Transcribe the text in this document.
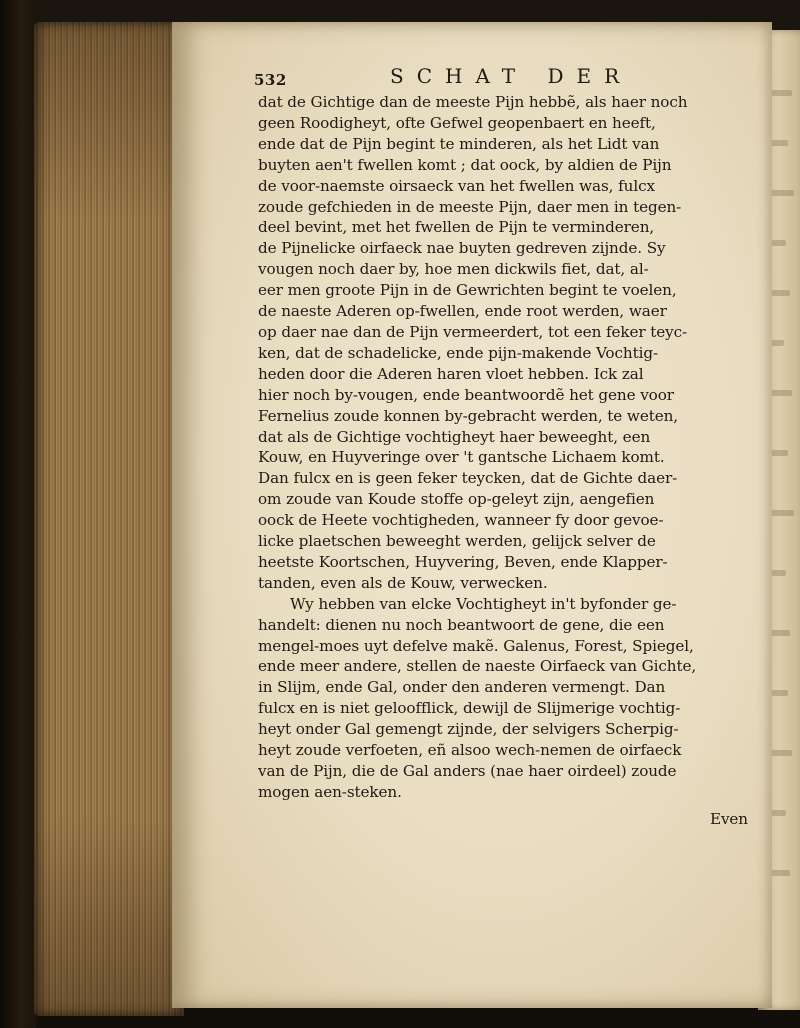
532	SCHAT DER
dat de Gichtige dan de meeste Pijn hebbẽ, als haer noch
geen Roodigheyt, ofte Gefwel geopenbaert en heeft,
ende dat de Pijn begint te minderen, als het Lidt van
buyten aen't fwellen komt ; dat oock, by aldien de Pijn
de voor-naemste oirsaeck van het fwellen was, fulcx
zoude gefchieden in de meeste Pijn, daer men in tegen-
deel bevint, met het fwellen de Pijn te verminderen,
de Pijnelicke oirfaeck nae buyten gedreven zijnde. Sy
vougen noch daer by, hoe men dickwils fiet, dat, al-
eer men groote Pijn in de Gewrichten begint te voelen,
de naeste Aderen op-fwellen, ende root werden, waer
op daer nae dan de Pijn vermeerdert, tot een feker teyc-
ken, dat de schadelicke, ende pijn-makende Vochtig-
heden door die Aderen haren vloet hebben. Ick zal
hier noch by-vougen, ende beantwoordẽ het gene voor
Fernelius zoude konnen by-gebracht werden, te weten,
dat als de Gichtige vochtigheyt haer beweeght, een
Kouw, en Huyveringe over 't gantsche Lichaem komt.
Dan fulcx en is geen feker teycken, dat de Gichte daer-
om zoude van Koude stoffe op-geleyt zijn, aengefien
oock de Heete vochtigheden, wanneer fy door gevoe-
licke plaetschen beweeght werden, gelijck selver de
heetste Koortschen, Huyvering, Beven, ende Klapper-
tanden, even als de Kouw, verwecken.
Wy hebben van elcke Vochtigheyt in't byfonder ge-
handelt: dienen nu noch beantwoort de gene, die een
mengel-moes uyt defelve makẽ. Galenus, Forest, Spiegel,
ende meer andere, stellen de naeste Oirfaeck van Gichte,
in Slijm, ende Gal, onder den anderen vermengt. Dan
fulcx en is niet geloofflick, dewijl de Slijmerige vochtig-
heyt onder Gal gemengt zijnde, der selvigers Scherpig-
heyt zoude verfoeten, eñ alsoo wech-nemen de oirfaeck
van de Pijn, die de Gal anders (nae haer oirdeel) zoude
mogen aen-steken.
Even
